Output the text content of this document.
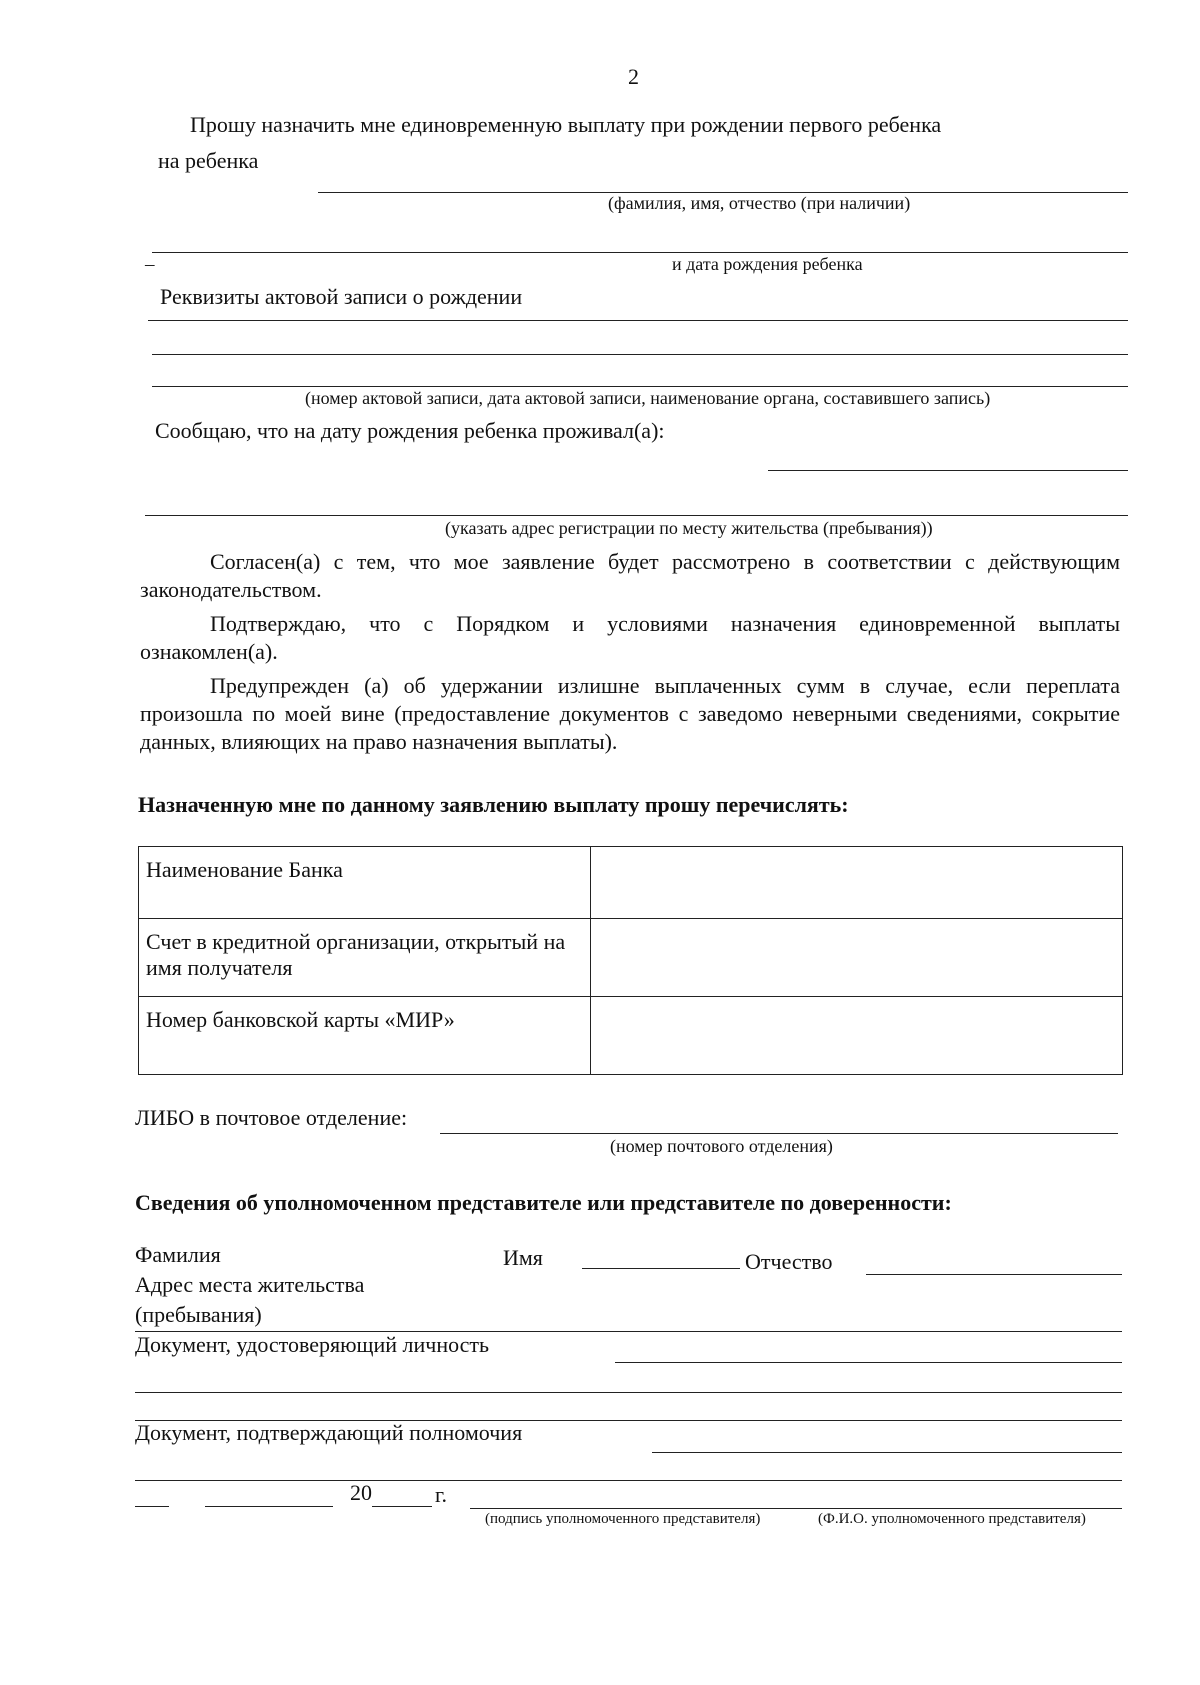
2
Прошу назначить мне единовременную выплату при рождении первого ребенка
на ребенка
(фамилия, имя, отчество (при наличии)
–	и дата рождения ребенка
Реквизиты актовой записи о рождении
(номер актовой записи, дата актовой записи, наименование органа, составившего запись)
Сообщаю, что на дату рождения ребенка проживал(а):
(указать адрес регистрации по месту жительства (пребывания))
Согласен(а) с тем, что мое заявление будет рассмотрено в соответствии с действующим законодательством.
Подтверждаю, что с Порядком и условиями назначения единовременной выплаты ознакомлен(а).
Предупрежден (а) об удержании излишне выплаченных сумм в случае, если переплата произошла по моей вине (предоставление документов с заведомо неверными сведениями, сокрытие данных, влияющих на право назначения выплаты).
Назначенную мне по данному заявлению выплату прошу перечислять:
Наименование Банка	
Счет в кредитной организации, открытый на имя получателя	
Номер банковской карты «МИР»	
ЛИБО в почтовое отделение:
(номер почтового отделения)
Сведения об уполномоченном представителе или представителе по доверенности:
Фамилия	Имя	Отчество
Адрес места жительства
(пребывания)
Документ, удостоверяющий личность
Документ, подтверждающий полномочия
20	г.
(подпись уполномоченного представителя)	(Ф.И.О. уполномоченного представителя)
